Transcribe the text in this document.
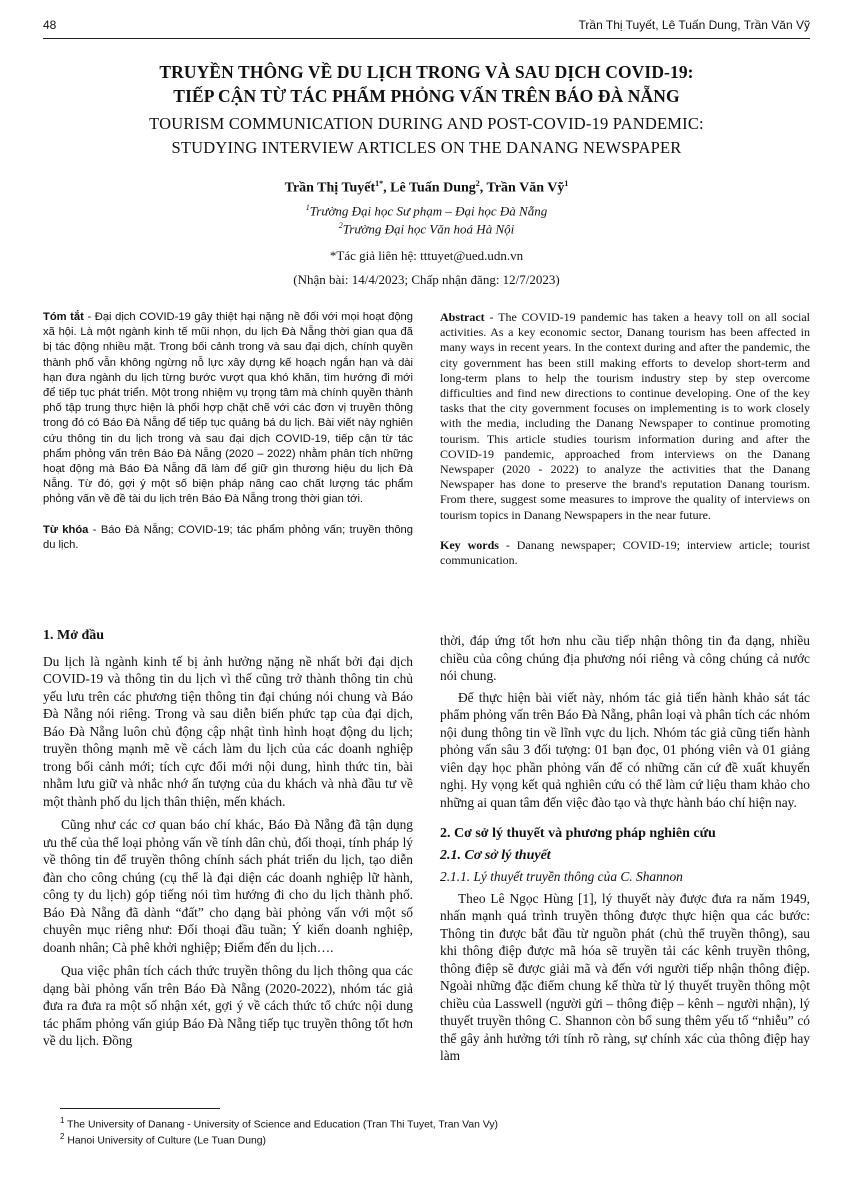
48	Trần Thị Tuyết, Lê Tuấn Dung, Trần Văn Vỹ
TRUYỀN THÔNG VỀ DU LỊCH TRONG VÀ SAU DỊCH COVID-19:
TIẾP CẬN TỪ TÁC PHẨM PHỎNG VẤN TRÊN BÁO ĐÀ NẴNG
TOURISM COMMUNICATION DURING AND POST-COVID-19 PANDEMIC:
STUDYING INTERVIEW ARTICLES ON THE DANANG NEWSPAPER
Trần Thị Tuyết$^{1*}$, Lê Tuấn Dung$^2$, Trần Văn Vỹ$^1$
$^1$Trường Đại học Sư phạm – Đại học Đà Nẵng
$^2$Trường Đại học Văn hoá Hà Nội
*Tác giả liên hệ: tttuyet@ued.udn.vn
(Nhận bài: 14/4/2023; Chấp nhận đăng: 12/7/2023)

Tóm tắt - Đại dịch COVID-19 gây thiệt hại nặng nề đối với mọi hoạt động xã hội. Là một ngành kinh tế mũi nhọn, du lịch Đà Nẵng thời gian qua đã bị tác động nhiều mặt. Trong bối cảnh trong và sau đại dịch, chính quyền thành phố vẫn không ngừng nỗ lực xây dựng kế hoạch ngắn hạn và dài hạn đưa ngành du lịch từng bước vượt qua khó khăn, tìm hướng đi mới để tiếp tục phát triển. Một trong nhiệm vụ trọng tâm mà chính quyền thành phố tập trung thực hiện là phối hợp chặt chẽ với các đơn vị truyền thông trong đó có Báo Đà Nẵng để tiếp tục quảng bá du lịch. Bài viết này nghiên cứu thông tin du lịch trong và sau đại dịch COVID-19, tiếp cận từ tác phẩm phỏng vấn trên Báo Đà Nẵng (2020 – 2022) nhằm phân tích những hoạt động mà Báo Đà Nẵng đã làm để giữ gìn thương hiệu du lịch Đà Nẵng. Từ đó, gợi ý một số biện pháp nâng cao chất lượng tác phẩm phỏng vấn về đề tài du lịch trên Báo Đà Nẵng trong thời gian tới.

Từ khóa - Báo Đà Nẵng; COVID-19; tác phẩm phỏng vấn; truyền thông du lịch.

Abstract - The COVID-19 pandemic has taken a heavy toll on all social activities. As a key economic sector, Danang tourism has been affected in many ways in recent years. In the context during and after the pandemic, the city government has been still making efforts to develop short-term and long-term plans to help the tourism industry step by step overcome difficulties and find new directions to continue developing. One of the key tasks that the city government focuses on implementing is to work closely with the media, including the Danang Newspaper to continue promoting tourism. This article studies tourism information during and after the COVID-19 pandemic, approached from interviews on the Danang Newspaper (2020 - 2022) to analyze the activities that the Danang Newspaper has done to preserve the brand's reputation Danang tourism. From there, suggest some measures to improve the quality of interviews on tourism topics in Danang Newspapers in the near future.

Key words - Danang newspaper; COVID-19; interview article; tourist communication.

1. Mở đầu

Du lịch là ngành kinh tế bị ảnh hưởng nặng nề nhất bởi đại dịch COVID-19 và thông tin du lịch vì thế cũng trở thành thông tin chủ yếu lưu trên các phương tiện thông tin đại chúng nói chung và Báo Đà Nẵng nói riêng. Trong và sau diễn biến phức tạp của đại dịch, Báo Đà Nẵng luôn chủ động cập nhật tình hình hoạt động du lịch; truyền thông mạnh mẽ về cách làm du lịch của các doanh nghiệp trong bối cảnh mới; tích cực đổi mới nội dung, hình thức tin, bài nhằm lưu giữ và nhắc nhớ ấn tượng của du khách và nhà đầu tư về một thành phố du lịch thân thiện, mến khách.

Cũng như các cơ quan báo chí khác, Báo Đà Nẵng đã tận dụng ưu thế của thể loại phỏng vấn về tính dân chủ, đối thoại, tính pháp lý về thông tin để truyền thông chính sách phát triển du lịch, tạo diễn đàn cho công chúng (cụ thể là đại diện các doanh nghiệp lữ hành, công ty du lịch) góp tiếng nói tìm hướng đi cho du lịch thành phố. Báo Đà Nẵng đã dành “đất” cho dạng bài phỏng vấn với một số chuyên mục riêng như: Đối thoại đầu tuần; Ý kiến doanh nghiệp, doanh nhân; Cà phê khởi nghiệp; Điểm đến du lịch….

Qua việc phân tích cách thức truyền thông du lịch thông qua các dạng bài phỏng vấn trên Báo Đà Nẵng (2020-2022), nhóm tác giả đưa ra đưa ra một số nhận xét, gợi ý về cách thức tổ chức nội dung tác phẩm phỏng vấn giúp Báo Đà Nẵng tiếp tục truyền thông tốt hơn về du lịch. Đồng

thời, đáp ứng tốt hơn nhu cầu tiếp nhận thông tin đa dạng, nhiều chiều của công chúng địa phương nói riêng và công chúng cả nước nói chung.

Để thực hiện bài viết này, nhóm tác giả tiến hành khảo sát tác phẩm phỏng vấn trên Báo Đà Nẵng, phân loại và phân tích các nhóm nội dung thông tin về lĩnh vực du lịch. Nhóm tác giả cũng tiến hành phỏng vấn sâu 3 đối tượng: 01 bạn đọc, 01 phóng viên và 01 giảng viên dạy học phần phỏng vấn để có những căn cứ đề xuất khuyến nghị. Hy vọng kết quả nghiên cứu có thể làm cứ liệu tham khảo cho những ai quan tâm đến việc đào tạo và thực hành báo chí hiện nay.

2. Cơ sở lý thuyết và phương pháp nghiên cứu
2.1. Cơ sở lý thuyết
2.1.1. Lý thuyết truyền thông của C. Shannon

Theo Lê Ngọc Hùng [1], lý thuyết này được đưa ra năm 1949, nhấn mạnh quá trình truyền thông được thực hiện qua các bước: Thông tin được bắt đầu từ nguồn phát (chủ thể truyền thông), sau khi thông điệp được mã hóa sẽ truyền tải các kênh truyền thông, thông điệp sẽ được giải mã và đến với người tiếp nhận thông điệp. Ngoài những đặc điểm chung kế thừa từ lý thuyết truyền thông một chiều của Lasswell (người gửi – thông điệp – kênh – người nhận), lý thuyết truyền thông C. Shannon còn bổ sung thêm yếu tố “nhiễu” có thể gây ảnh hưởng tới tính rõ ràng, sự chính xác của thông điệp hay làm

$^1$ The University of Danang - University of Science and Education (Tran Thi Tuyet, Tran Van Vy)
$^2$ Hanoi University of Culture (Le Tuan Dung)
